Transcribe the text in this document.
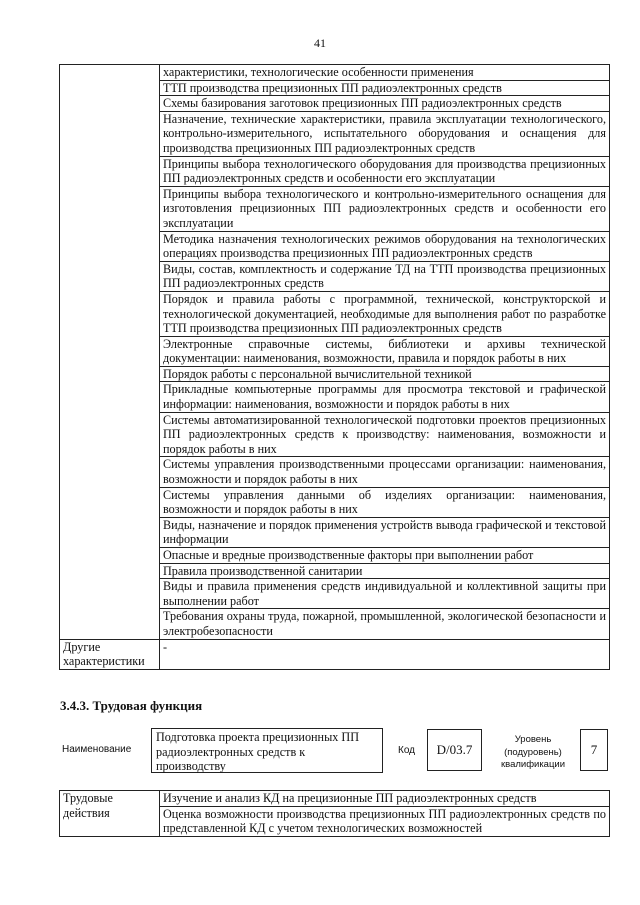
41
	характеристики, технологические особенности применения
	ТТП производства прецизионных ПП радиоэлектронных средств
	Схемы базирования заготовок прецизионных ПП радиоэлектронных средств
	Назначение, технические характеристики, правила эксплуатации технологического, контрольно-измерительного, испытательного оборудования и оснащения для производства прецизионных ПП радиоэлектронных средств
	Принципы выбора технологического оборудования для производства прецизионных ПП радиоэлектронных средств и особенности его эксплуатации
	Принципы выбора технологического и контрольно-измерительного оснащения для изготовления прецизионных ПП радиоэлектронных средств и особенности его эксплуатации
	Методика назначения технологических режимов оборудования на технологических операциях производства прецизионных ПП радиоэлектронных средств
	Виды, состав, комплектность и содержание ТД на ТТП производства прецизионных ПП радиоэлектронных средств
	Порядок и правила работы с программной, технической, конструкторской и технологической документацией, необходимые для выполнения работ по разработке ТТП производства прецизионных ПП радиоэлектронных средств
	Электронные справочные системы, библиотеки и архивы технической документации: наименования, возможности, правила и порядок работы в них
	Порядок работы с персональной вычислительной техникой
	Прикладные компьютерные программы для просмотра текстовой и графической информации: наименования, возможности и порядок работы в них
	Системы автоматизированной технологической подготовки проектов прецизионных ПП радиоэлектронных средств к производству: наименования, возможности и порядок работы в них
	Системы управления производственными процессами организации: наименования, возможности и порядок работы в них
	Системы управления данными об изделиях организации: наименования, возможности и порядок работы в них
	Виды, назначение и порядок применения устройств вывода графической и текстовой информации
	Опасные и вредные производственные факторы при выполнении работ
	Правила производственной санитарии
	Виды и правила применения средств индивидуальной и коллективной защиты при выполнении работ
	Требования охраны труда, пожарной, промышленной, экологической безопасности и электробезопасности
Другие характеристики	-
3.4.3. Трудовая функция
Наименование
Подготовка проекта прецизионных ПП радиоэлектронных средств к производству
Код	D/03.7
Уровень (подуровень) квалификации
7
Трудовые действия	Изучение и анализ КД на прецизионные ПП радиоэлектронных средств
Оценка возможности производства прецизионных ПП радиоэлектронных средств по представленной КД с учетом технологических возможностей
